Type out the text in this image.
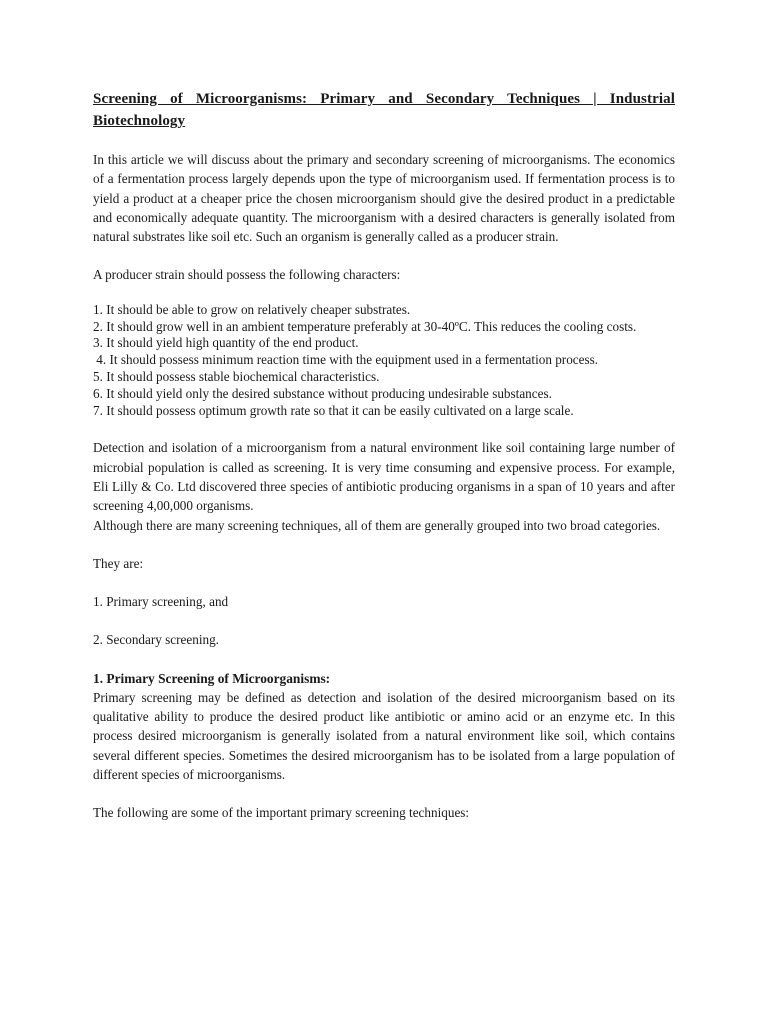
Screening of Microorganisms: Primary and Secondary Techniques | Industrial Biotechnology

In this article we will discuss about the primary and secondary screening of microorganisms. The economics of a fermentation process largely depends upon the type of microorganism used. If fermentation process is to yield a product at a cheaper price the chosen microorganism should give the desired product in a predictable and economically adequate quantity. The microorganism with a desired characters is generally isolated from natural substrates like soil etc. Such an organism is generally called as a producer strain.

A producer strain should possess the following characters:

1. It should be able to grow on relatively cheaper substrates.
2. It should grow well in an ambient temperature preferably at 30-40ºC. This reduces the cooling costs.
3. It should yield high quantity of the end product.
4. It should possess minimum reaction time with the equipment used in a fermentation process.
5. It should possess stable biochemical characteristics.
6. It should yield only the desired substance without producing undesirable substances.
7. It should possess optimum growth rate so that it can be easily cultivated on a large scale.

Detection and isolation of a microorganism from a natural environment like soil containing large number of microbial population is called as screening. It is very time consuming and expensive process. For example, Eli Lilly & Co. Ltd discovered three species of antibiotic producing organisms in a span of 10 years and after screening 4,00,000 organisms.

Although there are many screening techniques, all of them are generally grouped into two broad categories.

They are:

1. Primary screening, and

2. Secondary screening.

1. Primary Screening of Microorganisms:

Primary screening may be defined as detection and isolation of the desired microorganism based on its qualitative ability to produce the desired product like antibiotic or amino acid or an enzyme etc. In this process desired microorganism is generally isolated from a natural environment like soil, which contains several different species. Sometimes the desired microorganism has to be isolated from a large population of different species of microorganisms.

The following are some of the important primary screening techniques:
